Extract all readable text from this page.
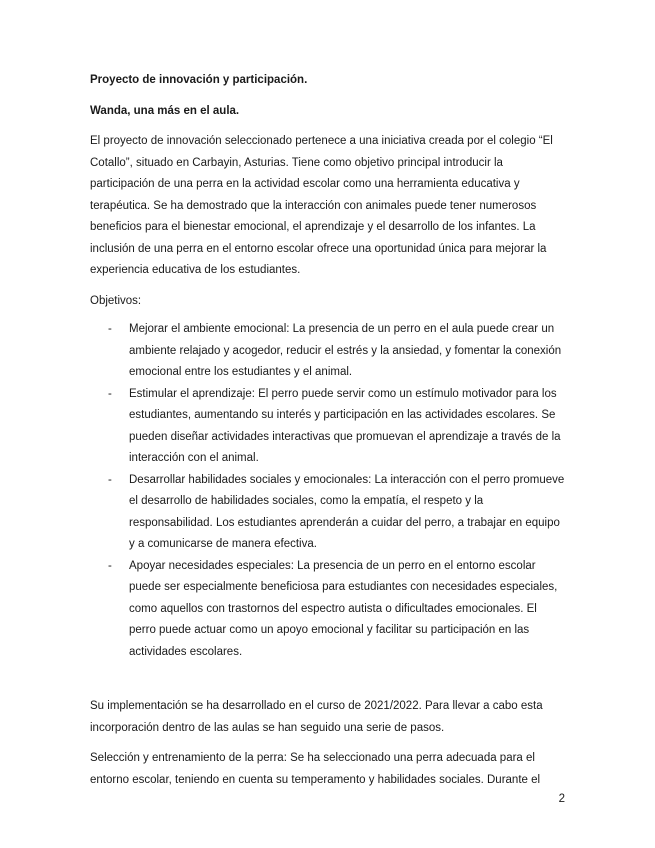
Proyecto de innovación y participación.

Wanda, una más en el aula.

El proyecto de innovación seleccionado pertenece a una iniciativa creada por el colegio “El Cotallo”, situado en Carbayin, Asturias. Tiene como objetivo principal introducir la participación de una perra en la actividad escolar como una herramienta educativa y terapéutica. Se ha demostrado que la interacción con animales puede tener numerosos beneficios para el bienestar emocional, el aprendizaje y el desarrollo de los infantes. La inclusión de una perra en el entorno escolar ofrece una oportunidad única para mejorar la experiencia educativa de los estudiantes.

Objetivos:

-	Mejorar el ambiente emocional: La presencia de un perro en el aula puede crear un ambiente relajado y acogedor, reducir el estrés y la ansiedad, y fomentar la conexión emocional entre los estudiantes y el animal.
-	Estimular el aprendizaje: El perro puede servir como un estímulo motivador para los estudiantes, aumentando su interés y participación en las actividades escolares. Se pueden diseñar actividades interactivas que promuevan el aprendizaje a través de la interacción con el animal.
-	Desarrollar habilidades sociales y emocionales: La interacción con el perro promueve el desarrollo de habilidades sociales, como la empatía, el respeto y la responsabilidad. Los estudiantes aprenderán a cuidar del perro, a trabajar en equipo y a comunicarse de manera efectiva.
-	Apoyar necesidades especiales: La presencia de un perro en el entorno escolar puede ser especialmente beneficiosa para estudiantes con necesidades especiales, como aquellos con trastornos del espectro autista o dificultades emocionales. El perro puede actuar como un apoyo emocional y facilitar su participación en las actividades escolares.

Su implementación se ha desarrollado en el curso de 2021/2022. Para llevar a cabo esta incorporación dentro de las aulas se han seguido una serie de pasos.

Selección y entrenamiento de la perra: Se ha seleccionado una perra adecuada para el entorno escolar, teniendo en cuenta su temperamento y habilidades sociales. Durante el

2
